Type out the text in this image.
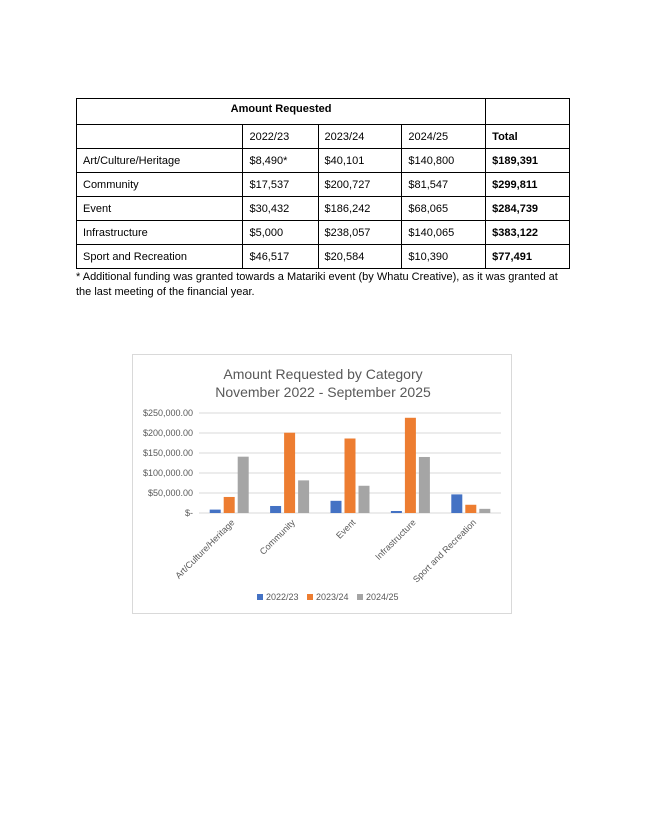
Amount Requested				
	2022/23	2023/24	2024/25	Total
Art/Culture/Heritage	$8,490*	$40,101	$140,800	$189,391
Community	$17,537	$200,727	$81,547	$299,811
Event	$30,432	$186,242	$68,065	$284,739
Infrastructure	$5,000	$238,057	$140,065	$383,122
Sport and Recreation	$46,517	$20,584	$10,390	$77,491
* Additional funding was granted towards a Matariki event (by Whatu Creative), as it was granted at the last meeting of the financial year.
Amount Requested by Category
November 2022 - September 2025
$-
$50,000.00
$100,000.00
$150,000.00
$200,000.00
$250,000.00
Art/Culture/Heritage Community	Event Infrastructure
Sport and Recreation
2022/23 2023/24 2024/25
